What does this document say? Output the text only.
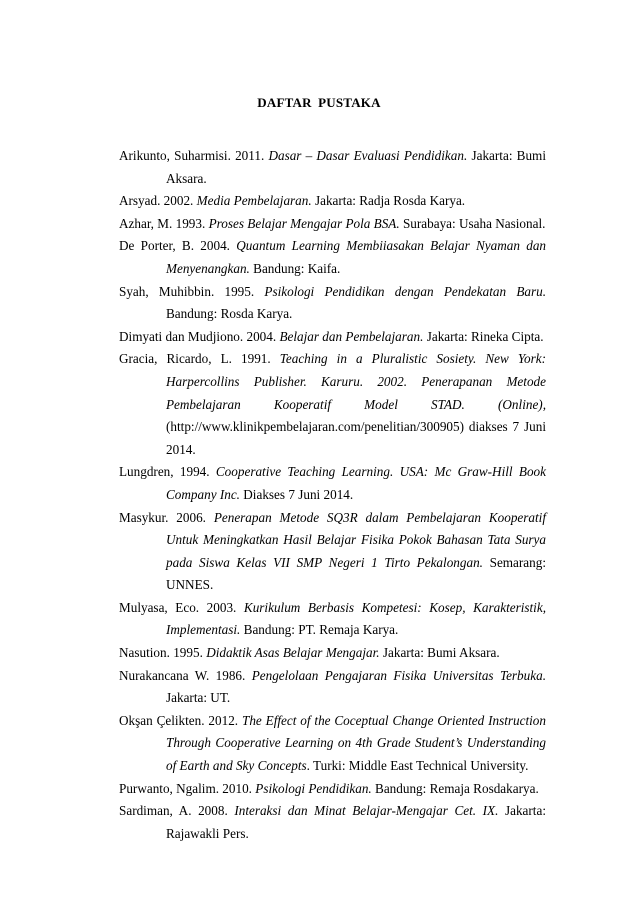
DAFTAR PUSTAKA

Arikunto, Suharmisi. 2011. Dasar – Dasar Evaluasi Pendidikan. Jakarta: Bumi Aksara.

Arsyad. 2002. Media Pembelajaran. Jakarta: Radja Rosda Karya.

Azhar, M. 1993. Proses Belajar Mengajar Pola BSA. Surabaya: Usaha Nasional.

De Porter, B. 2004. Quantum Learning Membiiasakan Belajar Nyaman dan Menyenangkan. Bandung: Kaifa.

Syah, Muhibbin. 1995. Psikologi Pendidikan dengan Pendekatan Baru. Bandung: Rosda Karya.

Dimyati dan Mudjiono. 2004. Belajar dan Pembelajaran. Jakarta: Rineka Cipta.

Gracia, Ricardo, L. 1991. Teaching in a Pluralistic Sosiety. New York: Harpercollins Publisher. Karuru. 2002. Penerapanan Metode Pembelajaran Kooperatif Model STAD. (Online), (http://www.klinikpembelajaran.com/penelitian/300905) diakses 7 Juni 2014.

Lungdren, 1994. Cooperative Teaching Learning. USA: Mc Graw-Hill Book Company Inc. Diakses 7 Juni 2014.

Masykur. 2006. Penerapan Metode SQ3R dalam Pembelajaran Kooperatif Untuk Meningkatkan Hasil Belajar Fisika Pokok Bahasan Tata Surya pada Siswa Kelas VII SMP Negeri 1 Tirto Pekalongan. Semarang: UNNES.

Mulyasa, Eco. 2003. Kurikulum Berbasis Kompetesi: Kosep, Karakteristik, Implementasi. Bandung: PT. Remaja Karya.

Nasution. 1995. Didaktik Asas Belajar Mengajar. Jakarta: Bumi Aksara.

Nurakancana W. 1986. Pengelolaan Pengajaran Fisika Universitas Terbuka. Jakarta: UT.

Okşan Çelikten. 2012. The Effect of the Coceptual Change Oriented Instruction Through Cooperative Learning on 4th Grade Student’s Understanding of Earth and Sky Concepts. Turki: Middle East Technical University.

Purwanto, Ngalim. 2010. Psikologi Pendidikan. Bandung: Remaja Rosdakarya.

Sardiman, A. 2008. Interaksi dan Minat Belajar-Mengajar Cet. IX. Jakarta: Rajawakli Pers.
